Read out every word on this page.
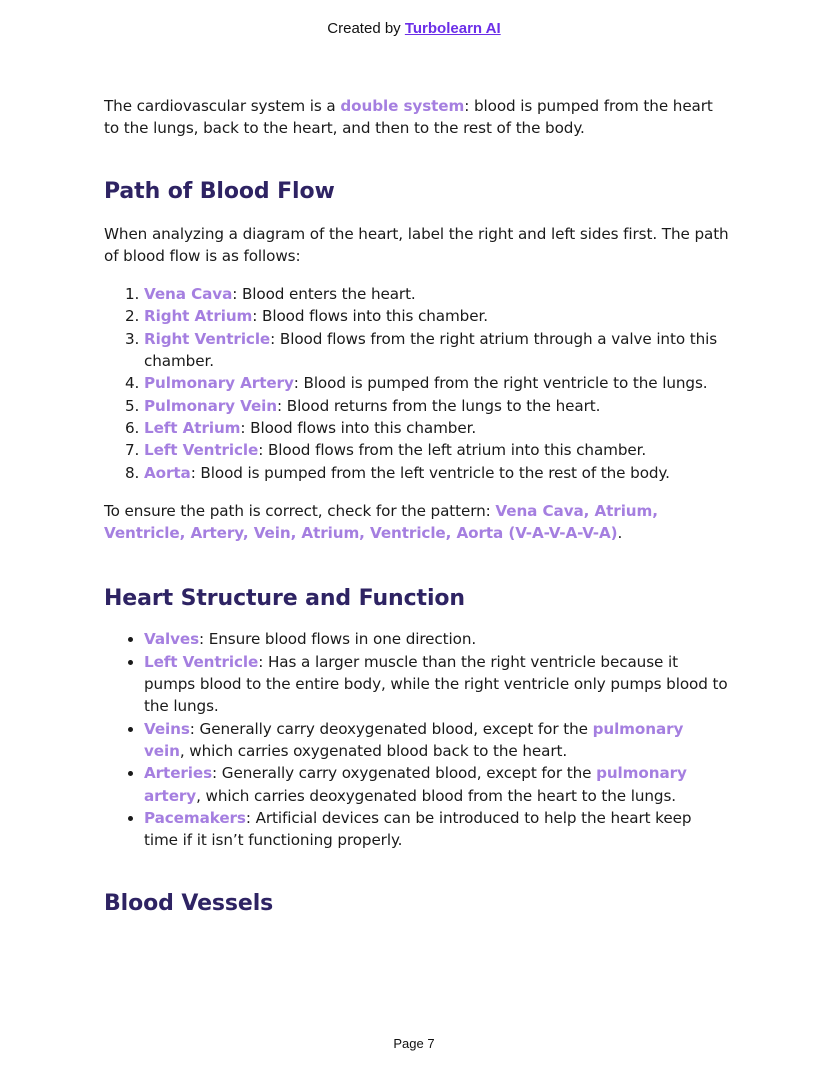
Created by Turbolearn AI

The cardiovascular system is a double system: blood is pumped from the heart to the lungs, back to the heart, and then to the rest of the body.

Path of Blood Flow

When analyzing a diagram of the heart, label the right and left sides first. The path of blood flow is as follows:

1. Vena Cava: Blood enters the heart.
2. Right Atrium: Blood flows into this chamber.
3. Right Ventricle: Blood flows from the right atrium through a valve into this chamber.
4. Pulmonary Artery: Blood is pumped from the right ventricle to the lungs.
5. Pulmonary Vein: Blood returns from the lungs to the heart.
6. Left Atrium: Blood flows into this chamber.
7. Left Ventricle: Blood flows from the left atrium into this chamber.
8. Aorta: Blood is pumped from the left ventricle to the rest of the body.

To ensure the path is correct, check for the pattern: Vena Cava, Atrium, Ventricle, Artery, Vein, Atrium, Ventricle, Aorta (V-A-V-A-V-A).

Heart Structure and Function
• Valves: Ensure blood flows in one direction.
• Left Ventricle: Has a larger muscle than the right ventricle because it pumps blood to the entire body, while the right ventricle only pumps blood to the lungs.
• Veins: Generally carry deoxygenated blood, except for the pulmonary vein, which carries oxygenated blood back to the heart.
• Arteries: Generally carry oxygenated blood, except for the pulmonary artery, which carries deoxygenated blood from the heart to the lungs.
• Pacemakers: Artificial devices can be introduced to help the heart keep time if it isn’t functioning properly.
Blood Vessels
Page 7
